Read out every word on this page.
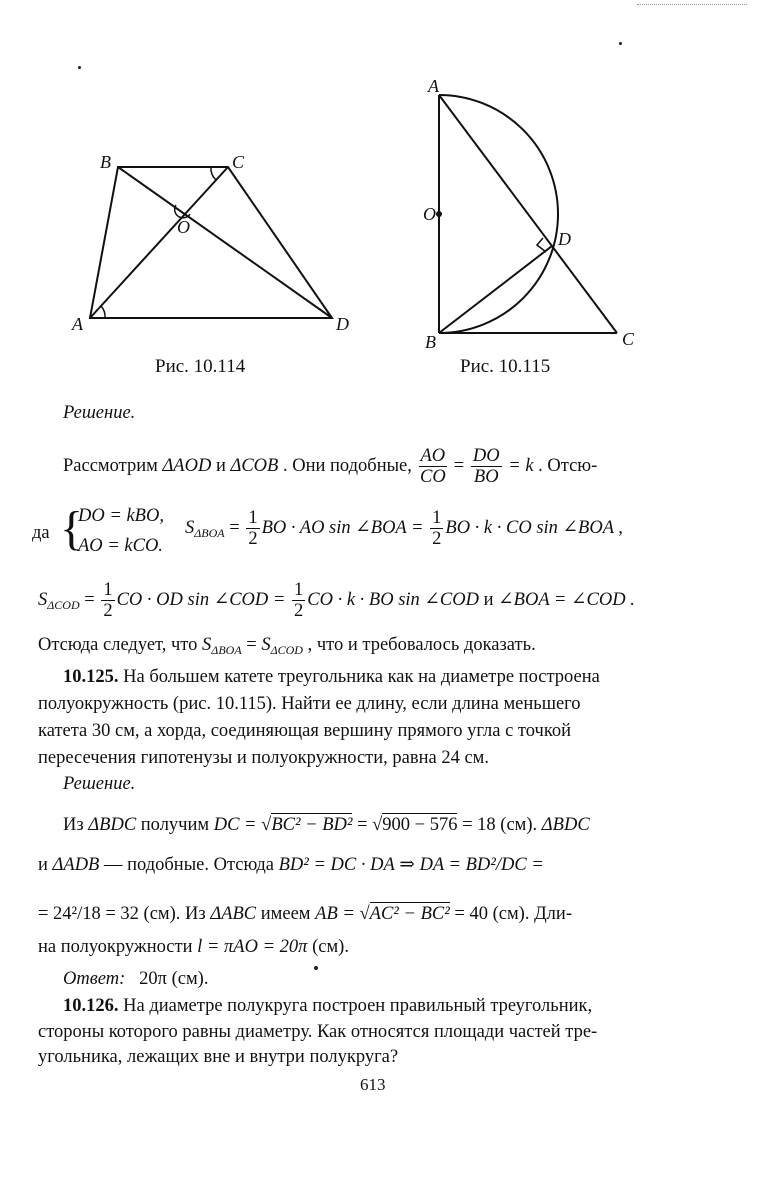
B	C
O
A	D
A
O
D
B	C
Рис. 10.114	Рис. 10.115
Решение.
Рассмотрим ΔAOD и ΔCOB . Они подобные, $\frac{AO}{CO} = \frac{DO}{BO} = k$ . Отсю-
да {
DO = kBO,
AO = kCO.
$S_{\Delta BOA} = \frac{1}{2}$ BO · AO sin ∠BOA = $\frac{1}{2}$ BO · k · CO sin ∠BOA ,
$S_{\Delta COD} = \frac{1}{2}$ CO · OD sin ∠COD = $\frac{1}{2}$ CO · k · BO sin ∠COD и ∠BOA = ∠COD .
Отсюда следует, что $S_{\Delta BOA} = S_{\Delta COD}$ , что и требовалось доказать.
10.125. На большем катете треугольника как на диаметре построена
полуокружность (рис. 10.115). Найти ее длину, если длина меньшего
катета 30 см, а хорда, соединяющая вершину прямого угла с точкой
пересечения гипотенузы и полуокружности, равна 24 см.
Решение.
Из ΔBDC получим DC = √BC² − BD² = √900 − 576 = 18 (см). ΔBDC
и ΔADB — подобные. Отсюда BD² = DC · DA ⇒ DA = BD²/DC =
= 24²/18 = 32 (см). Из ΔABC имеем AB = √AC² − BC² = 40 (см). Дли-
на полуокружности l = πAO = 20π (см).
Ответ: 20π (см).
10.126. На диаметре полукруга построен правильный треугольник,
стороны которого равны диаметру. Как относятся площади частей тре-
угольника, лежащих вне и внутри полукруга?
613
